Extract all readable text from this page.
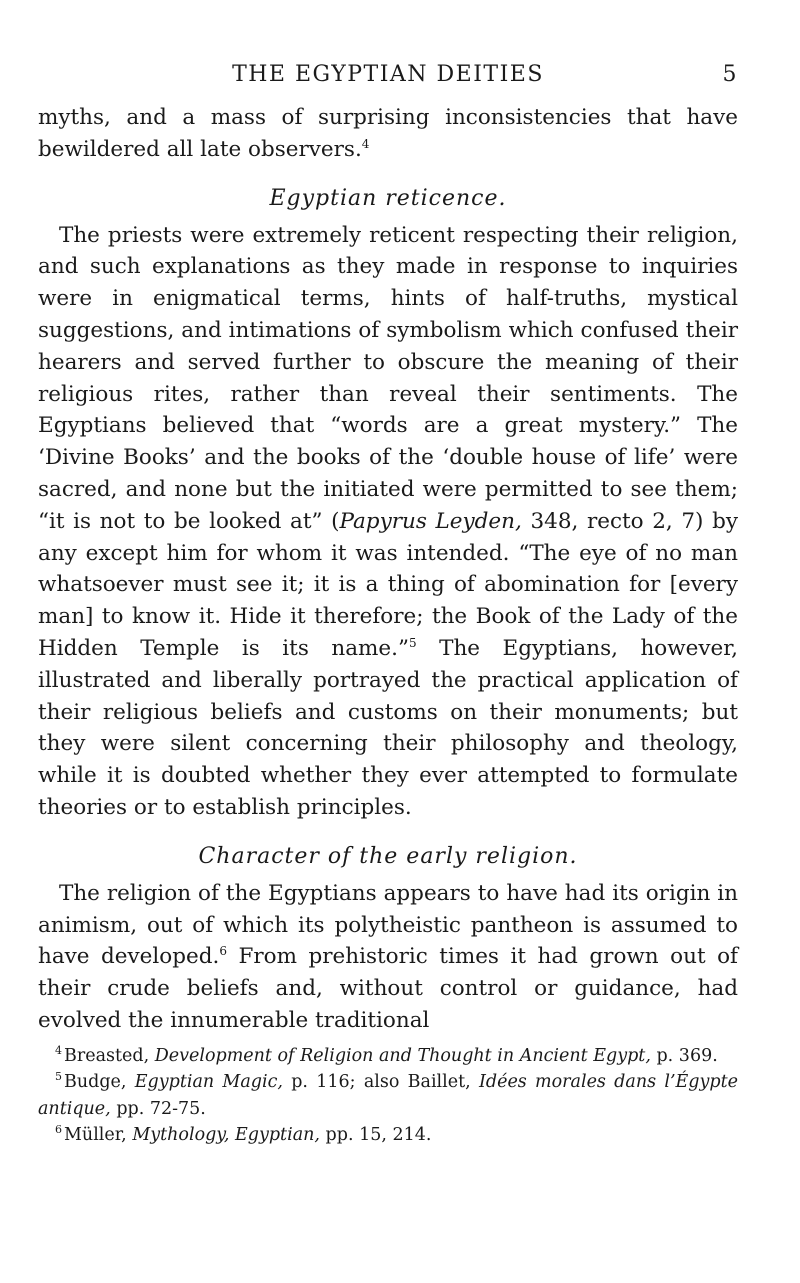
THE EGYPTIAN DEITIES	5

myths, and a mass of surprising inconsistencies that have bewildered all late observers.$^4$

Egyptian reticence.

The priests were extremely reticent respecting their religion, and such explanations as they made in response to inquiries were in enigmatical terms, hints of half-truths, mystical suggestions, and intimations of symbolism which confused their hearers and served further to obscure the meaning of their religious rites, rather than reveal their sentiments. The Egyptians believed that “words are a great mystery.” The ‘Divine Books’ and the books of the ‘double house of life’ were sacred, and none but the initiated were permitted to see them; “it is not to be looked at” (Papyrus Leyden, 348, recto 2, 7) by any except him for whom it was intended. “The eye of no man whatsoever must see it; it is a thing of abomination for [every man] to know it. Hide it therefore; the Book of the Lady of the Hidden Temple is its name.”$^5$ The Egyptians, however, illustrated and liberally portrayed the practical application of their religious beliefs and customs on their monuments; but they were silent concerning their philosophy and theology, while it is doubted whether they ever attempted to formulate theories or to establish principles.

Character of the early religion.

The religion of the Egyptians appears to have had its origin in animism, out of which its polytheistic pantheon is assumed to have developed.$^6$ From prehistoric times it had grown out of their crude beliefs and, without control or guidance, had evolved the innumerable traditional

$^4$ Breasted, Development of Religion and Thought in Ancient Egypt, p. 369.

$^5$ Budge, Egyptian Magic, p. 116; also Baillet, Idées morales dans l’Égypte antique, pp. 72-75.

$^6$ Müller, Mythology, Egyptian, pp. 15, 214.
